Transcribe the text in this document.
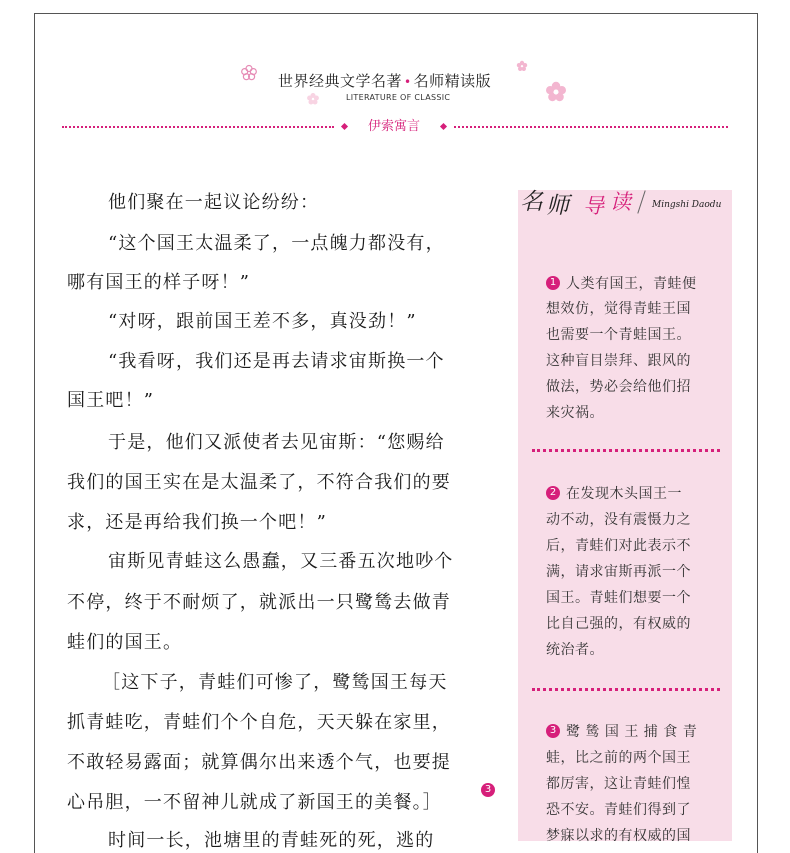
世界经典文学名著 • 名师精读版
LITERATURE OF CLASSIC
伊索寓言
他们聚在一起议论纷纷：
“这个国王太温柔了，一点魄力都没有，
哪有国王的样子呀！”
“对呀，跟前国王差不多，真没劲！”
“我看呀，我们还是再去请求宙斯换一个
国王吧！”
于是，他们又派使者去见宙斯：“您赐给
我们的国王实在是太温柔了，不符合我们的要
求，还是再给我们换一个吧！”
宙斯见青蛙这么愚蠢，又三番五次地吵个
不停，终于不耐烦了，就派出一只鹭鸶去做青
蛙们的国王。
［这下子，青蛙们可惨了，鹭鸶国王每天
抓青蛙吃，青蛙们个个自危，天天躲在家里，
不敢轻易露面；就算偶尔出来透个气，也要提
心吊胆，一不留神儿就成了新国王的美餐。］
3
时间一长，池塘里的青蛙死的死，逃的
名 师 导 读 Mingshi Daodu
1 人类有国王，青蛙便
想效仿，觉得青蛙王国
也需要一个青蛙国王。
这种盲目崇拜、跟风的
做法，势必会给他们招
来灾祸。
2 在发现木头国王一
动不动，没有震慑力之
后，青蛙们对此表示不
满，请求宙斯再派一个
国王。青蛙们想要一个
比自己强的，有权威的
统治者。
3 鹭 鸶 国 王 捕 食 青
蛙，比之前的两个国王
都厉害，这让青蛙们惶
恐不安。青蛙们得到了
梦寐以求的有权威的国
